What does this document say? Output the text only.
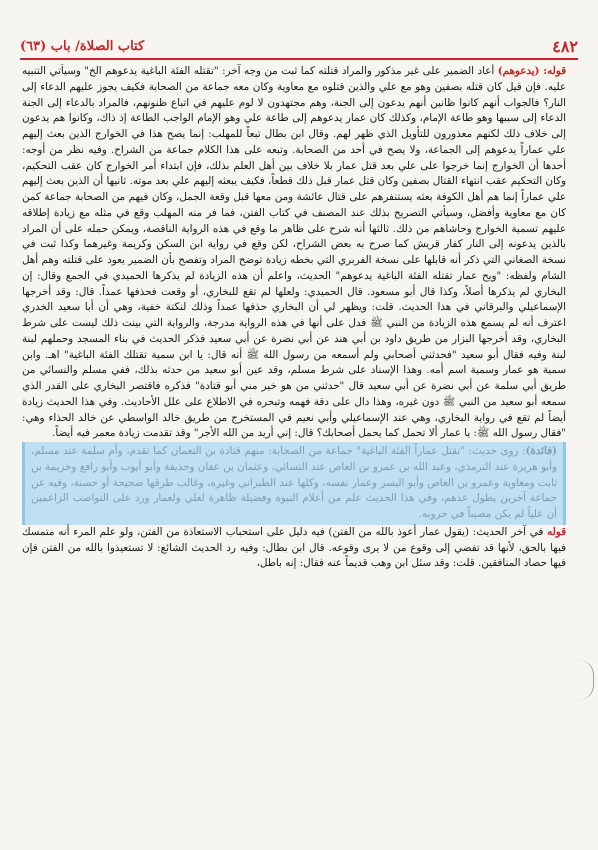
٤٨٢
كتاب الصلاة/ باب (٦٣)

قوله: (يدعوهم) أعاد الضمير على غير مذكور والمراد قتلته كما ثبت من وجه آخر: "تقتله الفئة الباغية يدعوهم الخ" وسيأتي التنبيه عليه. فإن قيل كان قتله بصفين وهو مع علي والذين قتلوه مع معاوية وكان معه جماعة من الصحابة فكيف يجوز عليهم الدعاء إلى النار؟ فالجواب أنهم كانوا ظانين أنهم يدعون إلى الجنة، وهم مجتهدون لا لوم عليهم في اتباع ظنونهم، فالمراد بالدعاء إلى الجنة الدعاء إلى سببها وهو طاعة الإمام، وكذلك كان عمار يدعوهم إلى طاعة علي وهو الإمام الواجب الطاعة إذ ذاك، وكانوا هم يدعون إلى خلاف ذلك لكنهم معذورون للتأويل الذي ظهر لهم. وقال ابن بطال تبعاً للمهلب: إنما يصح هذا في الخوارج الذين بعث إليهم علي عماراً يدعوهم إلى الجماعة، ولا يصح في أحد من الصحابة. وتبعه على هذا الكلام جماعة من الشراح. وفيه نظر من أوجه: أحدها أن الخوارج إنما خرجوا على علي بعد قتل عمار بلا خلاف بين أهل العلم بذلك، فإن ابتداء أمر الخوارج كان عقب التحكيم، وكان التحكيم عقب انتهاء القتال بصفين وكان قتل عمار قبل ذلك قطعاً، فكيف يبعثه إليهم علي بعد موته. ثانيها أن الذين بعث إليهم علي عماراً إنما هم أهل الكوفة بعثه يستنفرهم على قتال عائشة ومن معها قبل وقعة الجمل، وكان فيهم من الصحابة جماعة كمن كان مع معاوية وأفضل، وسيأتي التصريح بذلك عند المصنف في كتاب الفتن، فما فر منه المهلب وقع في مثله مع زيادة إطلاقه عليهم تسمية الخوارج وحاشاهم من ذلك. ثالثها أنه شرح على ظاهر ما وقع في هذه الرواية الناقصة، ويمكن حمله على أن المراد بالذين يدعونه إلى النار كفار قريش كما صرح به بعض الشراح، لكن وقع في رواية ابن السكن وكريمة وغيرهما وكذا ثبت في نسخة الصغاني التي ذكر أنه قابلها على نسخة الفربري التي بخطه زيادة توضح المراد وتفصح بأن الضمير يعود على قتلته وهم أهل الشام ولفظه: "ويح عمار تقتله الفئة الباغية يدعوهم" الحديث، واعلم أن هذه الزيادة لم يذكرها الحميدي في الجمع وقال: إن البخاري لم يذكرها أصلاً، وكذا قال أبو مسعود. قال الحميدي: ولعلها لم تقع للبخاري، أو وقعت فحذفها عمداً. قال: وقد أخرجها الإسماعيلي والبرقاني في هذا الحديث. قلت: ويظهر لي أن البخاري حذفها عمداً وذلك لنكتة خفية، وهي أن أبا سعيد الخدري اعترف أنه لم يسمع هذه الزيادة من النبي ﷺ فدل على أنها في هذه الرواية مدرجة، والرواية التي بينت ذلك ليست على شرط البخاري، وقد أخرجها البزار من طريق داود بن أبي هند عن أبي نضرة عن أبي سعيد فذكر الحديث في بناء المسجد وحملهم لبنة لبنة وفيه فقال أبو سعيد "فحدثني أصحابي ولم أسمعه من رسول الله ﷺ أنه قال: يا ابن سمية تقتلك الفئة الباغية" اهـ. وابن سمية هو عمار وسمية اسم أمه. وهذا الإسناد على شرط مسلم، وقد عين أبو سعيد من حدثه بذلك، ففي مسلم والنسائي من طريق أبي سلمة عن أبي نضرة عن أبي سعيد قال "حدثني من هو خير مني أبو قتادة" فذكره فاقتصر البخاري على القدر الذي سمعه أبو سعيد من النبي ﷺ دون غيره، وهذا دال على دقة فهمه وتبحره في الاطلاع على علل الأحاديث. وفي هذا الحديث زيادة أيضاً لم تقع في رواية البخاري، وهي عند الإسماعيلي وأبي نعيم في المستخرج من طريق خالد الواسطي عن خالد الحذاء وهي: "فقال رسول الله ﷺ: يا عمار ألا تحمل كما يحمل أصحابك؟ قال: إني أريد من الله الأجر" وقد تقدمت زيادة معمر فيه أيضاً.

(فائدة): روى حديث: "تقتل عماراً الفئة الباغية" جماعة من الصحابة: منهم قتادة بن النعمان كما تقدم، وأم سلمة عند مسلم، وأبو هريرة عند الترمذي، وعبد الله بن عمرو بن العاص عند النسائي، وعثمان بن عفان وحذيفة وأبو أيوب وأبو رافع وخزيمة بن ثابت ومعاوية وعمرو بن العاص وأبو اليسر وعمار نفسه، وكلها عند الطبراني وغيره، وغالب طرقها صحيحة أو حسنة، وفيه عن جماعة آخرين يطول عدهم، وفي هذا الحديث علم من أعلام النبوة وفضيلة ظاهرة لعلي ولعمار ورد على النواصب الزاعمين أن علياً لم يكن مصيباً في حروبه.

قوله في آخر الحديث: (يقول عمار أعوذ بالله من الفتن) فيه دليل على استحباب الاستعاذة من الفتن، ولو علم المرء أنه متمسك فيها بالحق، لأنها قد تفضي إلى وقوع من لا يرى وقوعه. قال ابن بطال: وفيه رد الحديث الشائع: لا تستعيذوا بالله من الفتن فإن فيها حصاد المنافقين. قلت: وقد سئل ابن وهب قديماً عنه فقال: إنه باطل،
